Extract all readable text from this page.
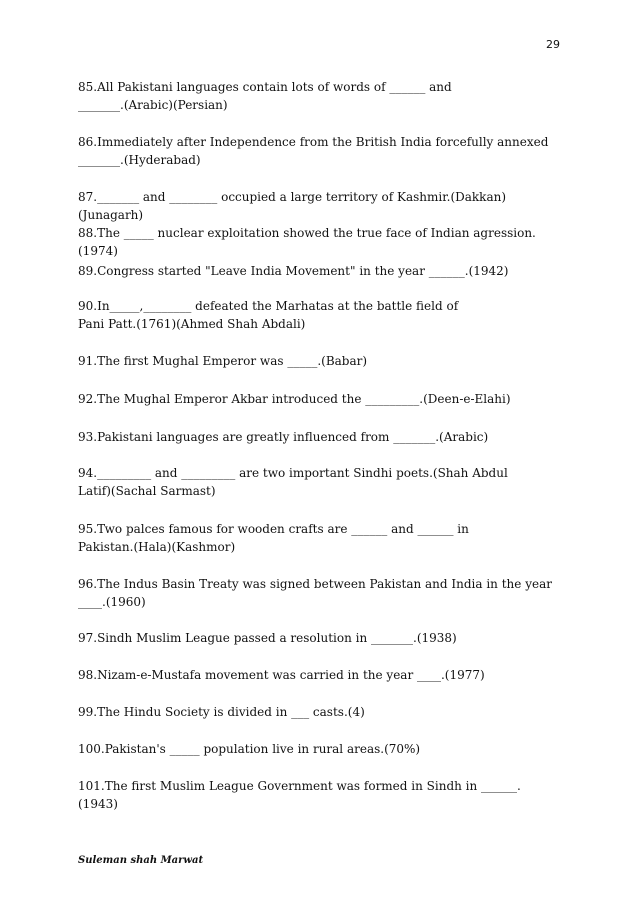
29

85.All Pakistani languages contain lots of words of ______ and _______.(Arabic)(Persian)

86.Immediately after Independence from the British India forcefully annexed _______.(Hyderabad)

87._______ and ________ occupied a large territory of Kashmir.(Dakkan)(Junagarh)

88.The _____ nuclear exploitation showed the true face of Indian agression.(1974)

89.Congress started "Leave India Movement" in the year ______.(1942)

90.In_____,________ defeated the Marhatas at the battle field of Pani Patt.(1761)(Ahmed Shah Abdali)

91.The first Mughal Emperor was _____.(Babar)

92.The Mughal Emperor Akbar introduced the _________.(Deen-e-Elahi)

93.Pakistani languages are greatly influenced from _______.(Arabic)

94._________ and _________ are two important Sindhi poets.(Shah Abdul Latif)(Sachal Sarmast)

95.Two palces famous for wooden crafts are ______ and ______ in Pakistan.(Hala)(Kashmor)

96.The Indus Basin Treaty was signed between Pakistan and India in the year ____.(1960)

97.Sindh Muslim League passed a resolution in _______.(1938)

98.Nizam-e-Mustafa movement was carried in the year ____.(1977)

99.The Hindu Society is divided in ___ casts.(4)

100.Pakistan's _____ population live in rural areas.(70%)

101.The first Muslim League Government was formed in Sindh in ______.(1943)

Suleman shah Marwat
